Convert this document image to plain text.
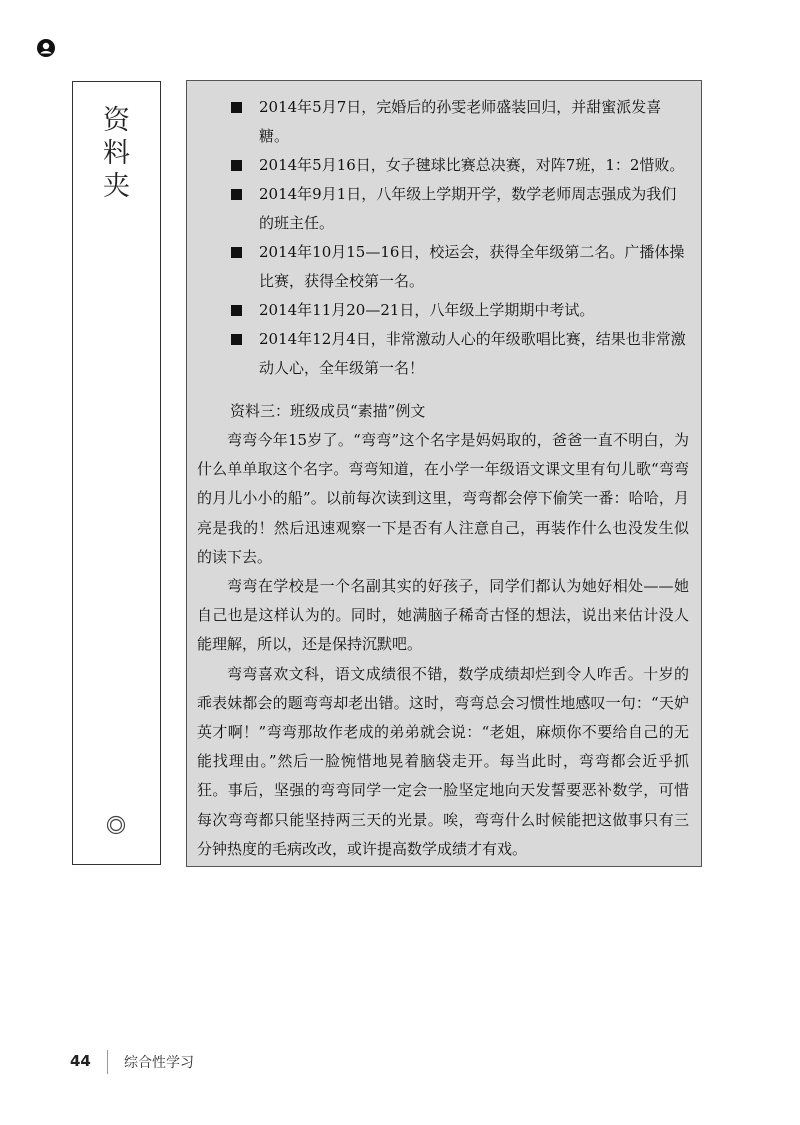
资
料
夹
2014年5月7日，完婚后的孙雯老师盛装回归，并甜蜜派发喜糖。
2014年5月16日，女子毽球比赛总决赛，对阵7班，1：2惜败。
2014年9月1日，八年级上学期开学，数学老师周志强成为我们的班主任。
2014年10月15—16日，校运会，获得全年级第二名。广播体操比赛，获得全校第一名。
2014年11月20—21日，八年级上学期期中考试。
2014年12月4日，非常激动人心的年级歌唱比赛，结果也非常激动人心，全年级第一名！
资料三：班级成员“素描”例文

弯弯今年15岁了。“弯弯”这个名字是妈妈取的，爸爸一直不明白，为什么单单取这个名字。弯弯知道，在小学一年级语文课文里有句儿歌“弯弯的月儿小小的船”。以前每次读到这里，弯弯都会停下偷笑一番：哈哈，月亮是我的！然后迅速观察一下是否有人注意自己，再装作什么也没发生似的读下去。

弯弯在学校是一个名副其实的好孩子，同学们都认为她好相处——她自己也是这样认为的。同时，她满脑子稀奇古怪的想法，说出来估计没人能理解，所以，还是保持沉默吧。

弯弯喜欢文科，语文成绩很不错，数学成绩却烂到令人咋舌。十岁的乖表妹都会的题弯弯却老出错。这时，弯弯总会习惯性地感叹一句：“天妒英才啊！”弯弯那故作老成的弟弟就会说：“老姐，麻烦你不要给自己的无能找理由。”然后一脸惋惜地晃着脑袋走开。每当此时，弯弯都会近乎抓狂。事后，坚强的弯弯同学一定会一脸坚定地向天发誓要恶补数学，可惜每次弯弯都只能坚持两三天的光景。唉，弯弯什么时候能把这做事只有三分钟热度的毛病改改，或许提高数学成绩才有戏。

44 综合性学习
